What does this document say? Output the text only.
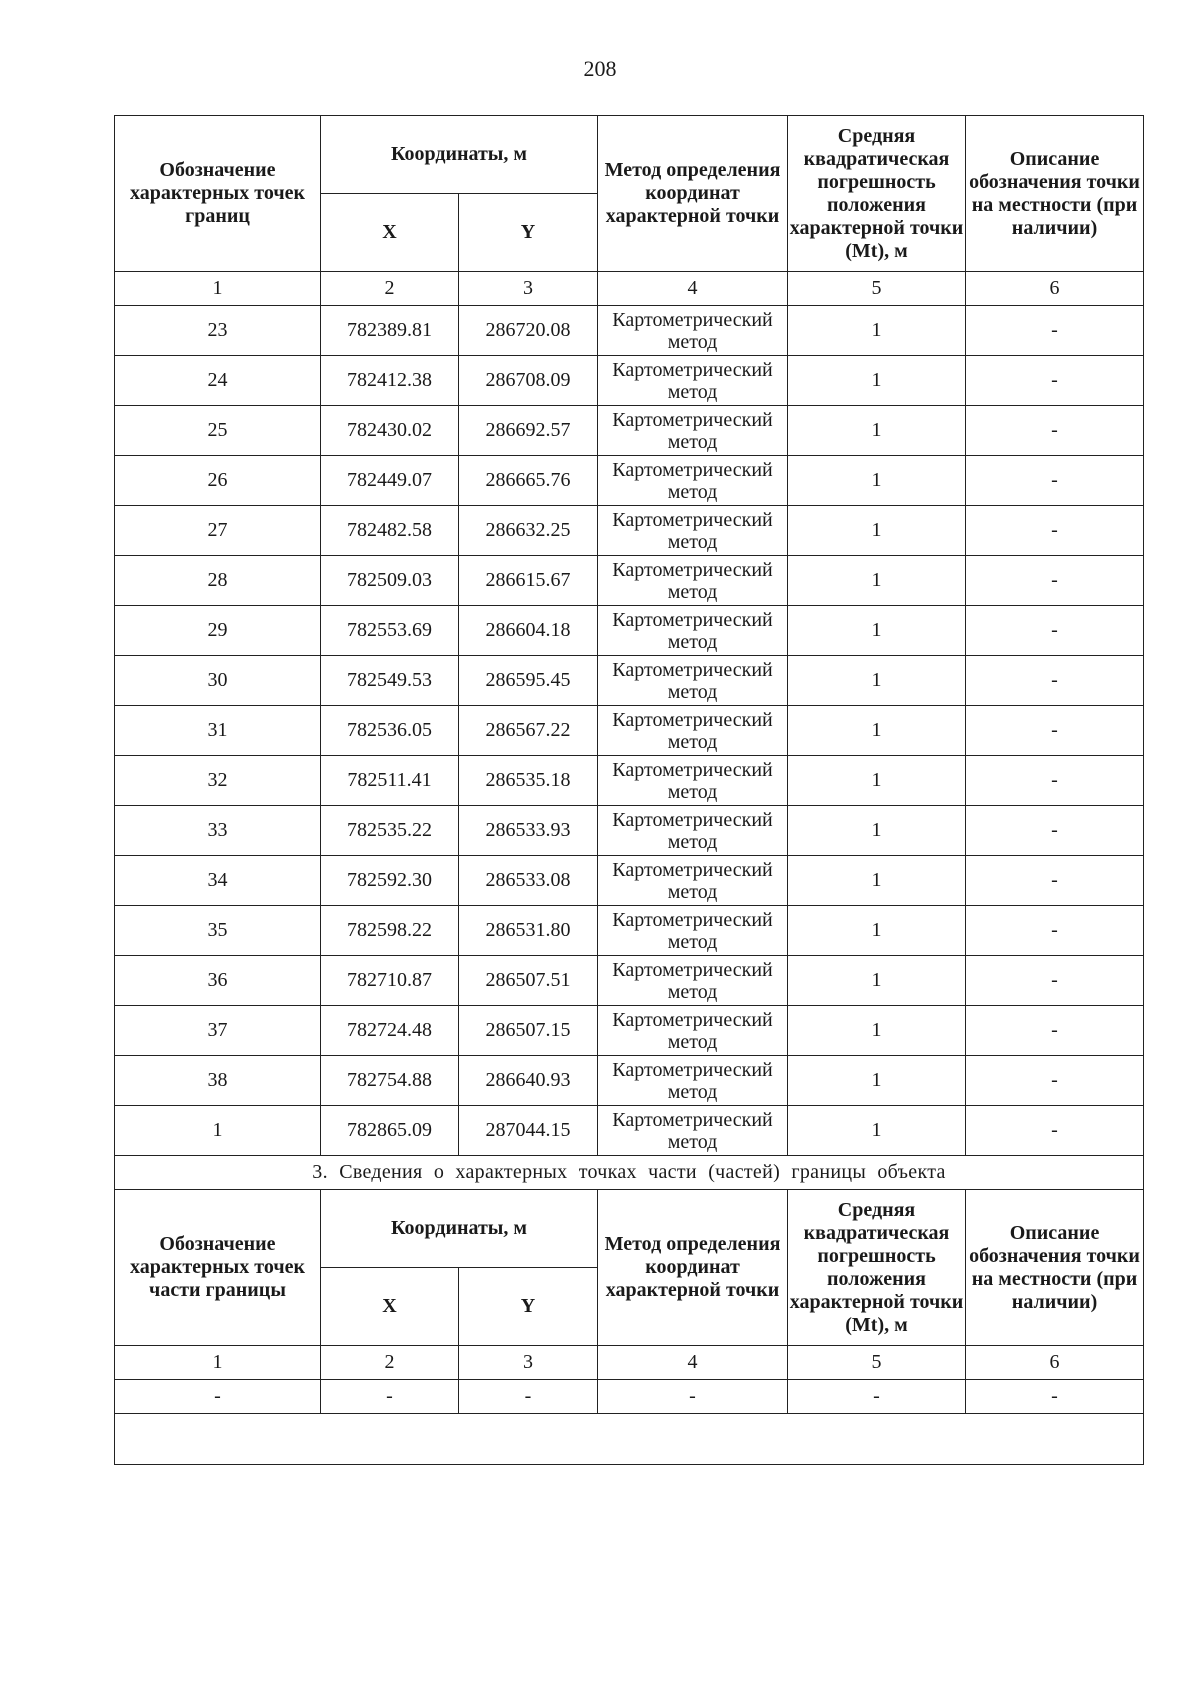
208
Обозначение характерных точек границ	Координаты, м		Метод определения координат характерной точки	Средняя квадратическая погрешность положения характерной точки (Mt), м	Описание обозначения точки на местности (при наличии)
	X	Y			
1	2	3	4	5	6
23	782389.81	286720.08	Картометрический метод	1	-
24	782412.38	286708.09	Картометрический метод	1	-
25	782430.02	286692.57	Картометрический метод	1	-
26	782449.07	286665.76	Картометрический метод	1	-
27	782482.58	286632.25	Картометрический метод	1	-
28	782509.03	286615.67	Картометрический метод	1	-
29	782553.69	286604.18	Картометрический метод	1	-
30	782549.53	286595.45	Картометрический метод	1	-
31	782536.05	286567.22	Картометрический метод	1	-
32	782511.41	286535.18	Картометрический метод	1	-
33	782535.22	286533.93	Картометрический метод	1	-
34	782592.30	286533.08	Картометрический метод	1	-
35	782598.22	286531.80	Картометрический метод	1	-
36	782710.87	286507.51	Картометрический метод	1	-
37	782724.48	286507.15	Картометрический метод	1	-
38	782754.88	286640.93	Картометрический метод	1	-
1	782865.09	287044.15	Картометрический метод	1	-
3. Сведения о характерных точках части (частей) границы объекта					
Обозначение характерных точек части границы	Координаты, м		Метод определения координат характерной точки	Средняя квадратическая погрешность положения характерной точки (Mt), м	Описание обозначения точки на местности (при наличии)
	X	Y			
1	2	3	4	5	6
-	-	-	-	-	-
